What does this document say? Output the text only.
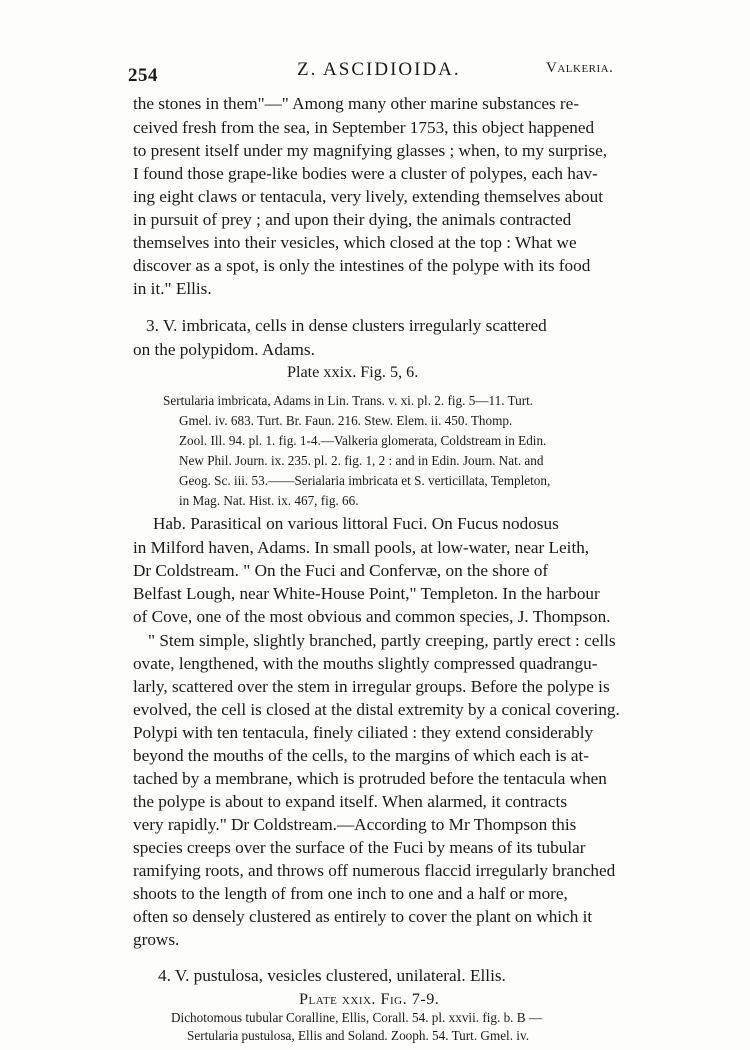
254	Z. ASCIDIOIDA.	Valkeria.
the stones in them"—" Among many other marine substances re-
ceived fresh from the sea, in September 1753, this object happened
to present itself under my magnifying glasses ; when, to my surprise,
I found those grape-like bodies were a cluster of polypes, each hav-
ing eight claws or tentacula, very lively, extending themselves about
in pursuit of prey ; and upon their dying, the animals contracted
themselves into their vesicles, which closed at the top : What we
discover as a spot, is only the intestines of the polype with its food
in it." Ellis.
3. V. imbricata, cells in dense clusters irregularly scattered
on the polypidom. Adams.
Plate xxix. Fig. 5, 6.
Sertularia imbricata, Adams in Lin. Trans. v. xi. pl. 2. fig. 5—11. Turt.
Gmel. iv. 683. Turt. Br. Faun. 216. Stew. Elem. ii. 450. Thomp.
Zool. Ill. 94. pl. 1. fig. 1-4.—Valkeria glomerata, Coldstream in Edin.
New Phil. Journ. ix. 235. pl. 2. fig. 1, 2 : and in Edin. Journ. Nat. and
Geog. Sc. iii. 53.——Serialaria imbricata et S. verticillata, Templeton,
in Mag. Nat. Hist. ix. 467, fig. 66.
Hab. Parasitical on various littoral Fuci. On Fucus nodosus
in Milford haven, Adams. In small pools, at low-water, near Leith,
Dr Coldstream. " On the Fuci and Confervæ, on the shore of
Belfast Lough, near White-House Point," Templeton. In the harbour
of Cove, one of the most obvious and common species, J. Thompson.
" Stem simple, slightly branched, partly creeping, partly erect : cells
ovate, lengthened, with the mouths slightly compressed quadrangu-
larly, scattered over the stem in irregular groups. Before the polype is
evolved, the cell is closed at the distal extremity by a conical covering.
Polypi with ten tentacula, finely ciliated : they extend considerably
beyond the mouths of the cells, to the margins of which each is at-
tached by a membrane, which is protruded before the tentacula when
the polype is about to expand itself. When alarmed, it contracts
very rapidly." Dr Coldstream.—According to Mr Thompson this
species creeps over the surface of the Fuci by means of its tubular
ramifying roots, and throws off numerous flaccid irregularly branched
shoots to the length of from one inch to one and a half or more,
often so densely clustered as entirely to cover the plant on which it
grows.
4. V. pustulosa, vesicles clustered, unilateral. Ellis.
Plate xxix. Fig. 7-9.
Dichotomous tubular Coralline, Ellis, Corall. 54. pl. xxvii. fig. b. B —
Sertularia pustulosa, Ellis and Soland. Zooph. 54. Turt. Gmel. iv.
